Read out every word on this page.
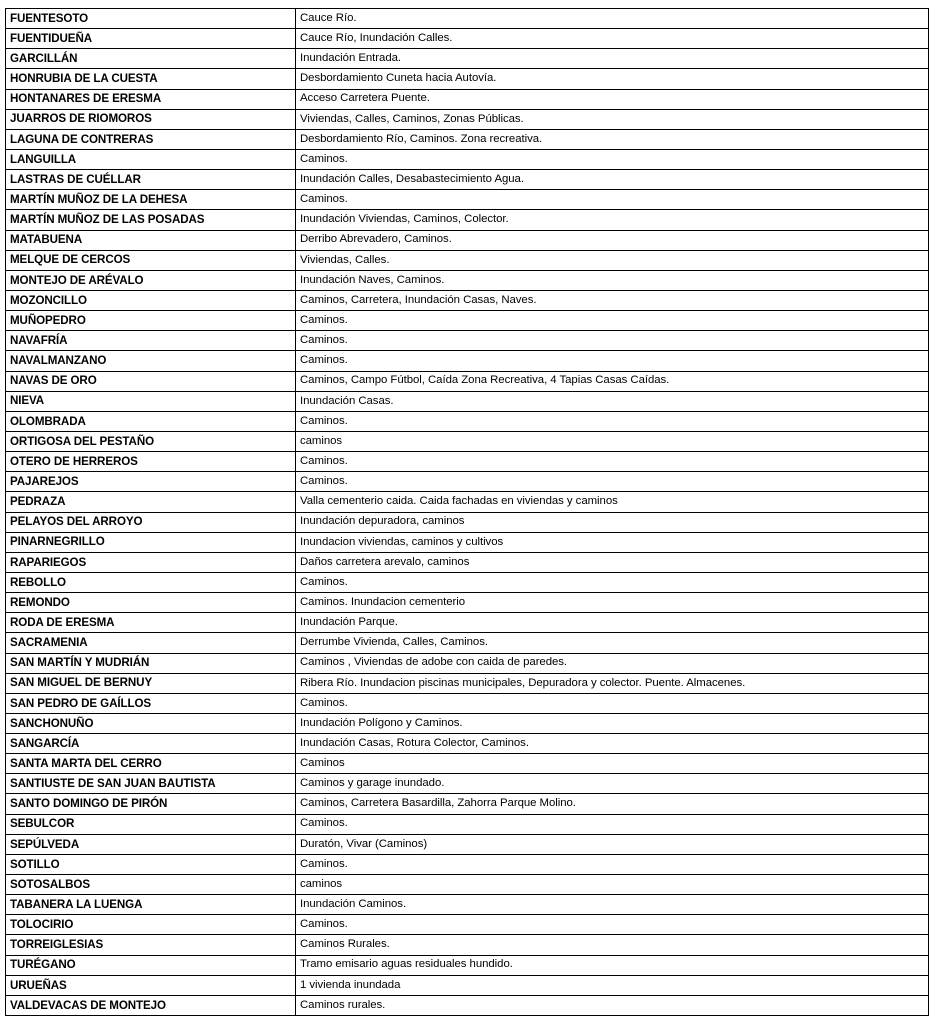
FUENTESOTO	Cauce Río.
FUENTIDUEÑA	Cauce Río, Inundación Calles.
GARCILLÁN	Inundación Entrada.
HONRUBIA DE LA CUESTA	Desbordamiento Cuneta hacia Autovía.
HONTANARES DE ERESMA	Acceso Carretera Puente.
JUARROS DE RIOMOROS	Viviendas, Calles, Caminos, Zonas Públicas.
LAGUNA DE CONTRERAS	Desbordamiento Río, Caminos. Zona recreativa.
LANGUILLA	Caminos.
LASTRAS DE CUÉLLAR	Inundación Calles, Desabastecimiento Agua.
MARTÍN MUÑOZ DE LA DEHESA	Caminos.
MARTÍN MUÑOZ DE LAS POSADAS	Inundación Viviendas, Caminos, Colector.
MATABUENA	Derribo Abrevadero, Caminos.
MELQUE DE CERCOS	Viviendas, Calles.
MONTEJO DE ARÉVALO	Inundación Naves, Caminos.
MOZONCILLO	Caminos, Carretera, Inundación Casas, Naves.
MUÑOPEDRO	Caminos.
NAVAFRÍA	Caminos.
NAVALMANZANO	Caminos.
NAVAS DE ORO	Caminos, Campo Fútbol, Caída Zona Recreativa, 4 Tapias Casas Caídas.
NIEVA	Inundación Casas.
OLOMBRADA	Caminos.
ORTIGOSA DEL PESTAÑO	caminos
OTERO DE HERREROS	Caminos.
PAJAREJOS	Caminos.
PEDRAZA	Valla cementerio caida. Caida fachadas en viviendas y caminos
PELAYOS DEL ARROYO	Inundación depuradora, caminos
PINARNEGRILLO	Inundacion viviendas, caminos y cultivos
RAPARIEGOS	Daños carretera arevalo, caminos
REBOLLO	Caminos.
REMONDO	Caminos. Inundacion cementerio
RODA DE ERESMA	Inundación Parque.
SACRAMENIA	Derrumbe Vivienda, Calles, Caminos.
SAN MARTÍN Y MUDRIÁN	Caminos , Viviendas de adobe con caida de paredes.
SAN MIGUEL DE BERNUY	Ribera Río. Inundacion piscinas municipales, Depuradora y colector. Puente. Almacenes.
SAN PEDRO DE GAÍLLOS	Caminos.
SANCHONUÑO	Inundación Polígono y Caminos.
SANGARCÍA	Inundación Casas, Rotura Colector, Caminos.
SANTA MARTA DEL CERRO	Caminos
SANTIUSTE DE SAN JUAN BAUTISTA	Caminos y garage inundado.
SANTO DOMINGO DE PIRÓN	Caminos, Carretera Basardilla, Zahorra Parque Molino.
SEBULCOR	Caminos.
SEPÚLVEDA	Duratón, Vivar (Caminos)
SOTILLO	Caminos.
SOTOSALBOS	caminos
TABANERA LA LUENGA	Inundación Caminos.
TOLOCIRIO	Caminos.
TORREIGLESIAS	Caminos Rurales.
TURÉGANO	Tramo emisario aguas residuales hundido.
URUEÑAS	1 vivienda inundada
VALDEVACAS DE MONTEJO	Caminos rurales.
